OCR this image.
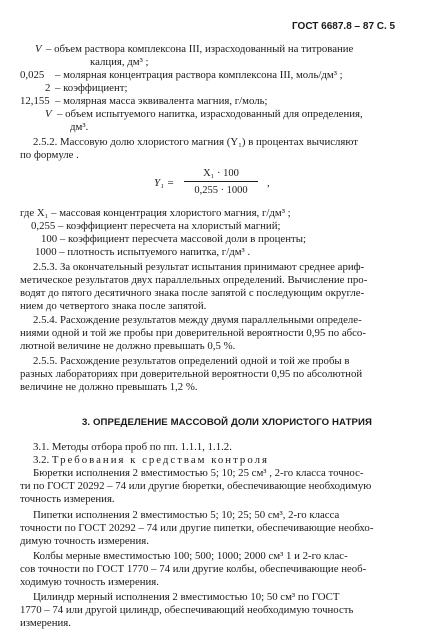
ГОСТ 6687.8 – 87 С. 5
V – объем раствора комплексона III, израсходованный на титрование
калция, дм³ ;
0,025 – молярная концентрация раствора комплексона III, моль/дм³ ;
2 – коэффициент;
12,155 – молярная масса эквивалента магния, г/моль;
V – объем испытуемого напитка, израсходованный для определения,
дм³.
2.5.2. Массовую долю хлористого магния (Y₁) в процентах вычисляют
по формуле .
Y₁ =
X₁ · 100
0,255 · 1000
,
где X₁ – массовая концентрация хлористого магния, г/дм³ ;
0,255 – коэффициент пересчета на хлористый магний;
100 – коэффициент пересчета массовой доли в проценты;
1000 – плотность испытуемого напитка, г/дм³ .
2.5.3. За окончательный результат испытания принимают среднее ариф-
метическое результатов двух параллельных определений. Вычисление про-
водят до пятого десятичного знака после запятой с последующим округле-
нием до четвертого знака после запятой.
2.5.4. Расхождение результатов между двумя параллельными определе-
ниями одной и той же пробы при доверительной вероятности 0,95 по абсо-
лютной величине не должно превышать 0,5 %.
2.5.5. Расхождение результатов определений одной и той же пробы в
разных лабораториях при доверительной вероятности 0,95 по абсолютной
величине не должно превышать 1,2 %.
3. ОПРЕДЕЛЕНИЕ МАССОВОЙ ДОЛИ ХЛОРИСТОГО НАТРИЯ
3.1. Методы отбора проб по пп. 1.1.1, 1.1.2.
3.2. Требования к средствам контроля
Бюретки исполнения 2 вместимостью 5; 10; 25 см³ , 2-го класса точнос-
ти по ГОСТ 20292 – 74 или другие бюретки, обеспечивающие необходимую
точность измерения.
Пипетки исполнения 2 вместимостью 5; 10; 25; 50 см³, 2-го класса
точности по ГОСТ 20292 – 74 или другие пипетки, обеспечивающие необхо-
димую точность измерения.
Колбы мерные вместимостью 100; 500; 1000; 2000 см³ 1 и 2-го клас-
сов точности по ГОСТ 1770 – 74 или другие колбы, обеспечивающие необ-
ходимую точность измерения.
Цилиндр мерный исполнения 2 вместимостью 10; 50 см³ по ГОСТ
1770 – 74 или другой цилиндр, обеспечивающий необходимую точность
измерения.
